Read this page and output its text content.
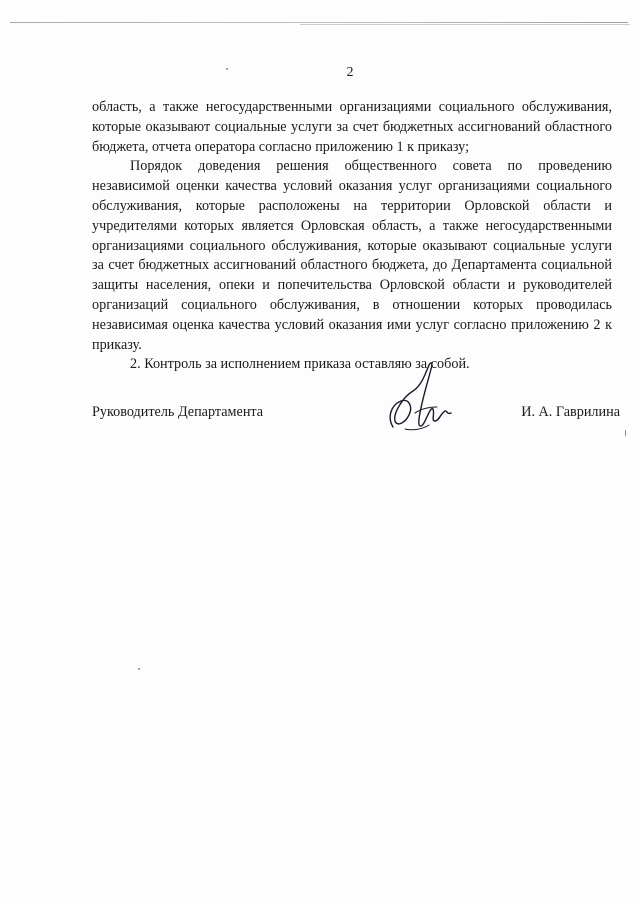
2

область, а также негосударственными организациями социального обслуживания, которые оказывают социальные услуги за счет бюджетных ассигнований областного бюджета, отчета оператора согласно приложению 1 к приказу;

Порядок доведения решения общественного совета по проведению независимой оценки качества условий оказания услуг организациями социального обслуживания, которые расположены на территории Орловской области и учредителями которых является Орловская область, а также негосударственными организациями социального обслуживания, которые оказывают социальные услуги за счет бюджетных ассигнований областного бюджета, до Департамента социальной защиты населения, опеки и попечительства Орловской области и руководителей организаций социального обслуживания, в отношении которых проводилась независимая оценка качества условий оказания ими услуг согласно приложению 2 к приказу.

2. Контроль за исполнением приказа оставляю за собой.

Руководитель Департамента	И. А. Гаврилина
